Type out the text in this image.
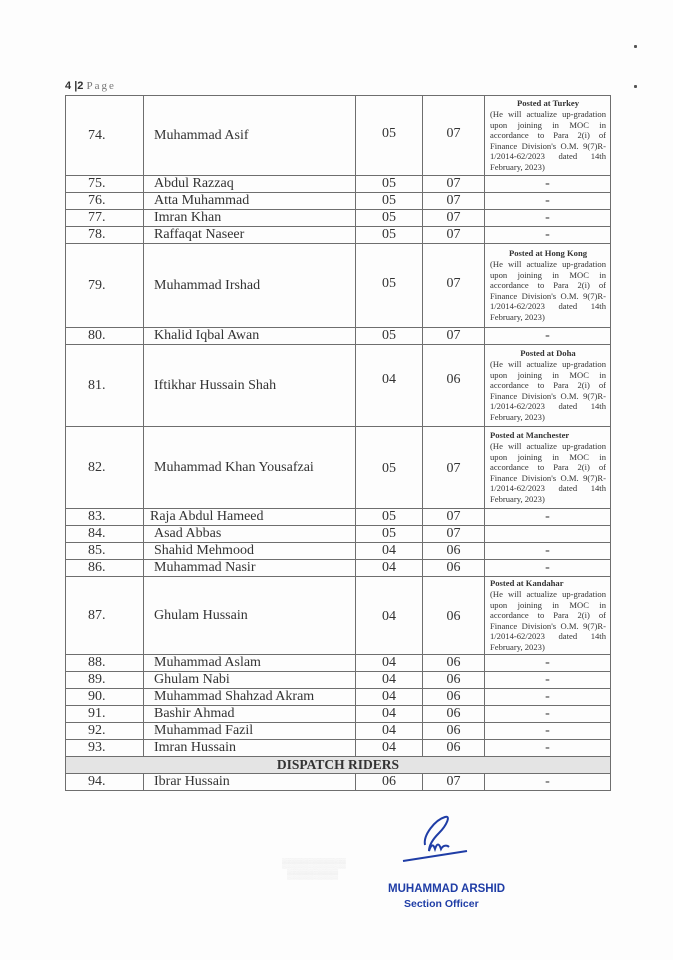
4 |2 Page
74.	Muhammad Asif	05	07	Posted at Turkey
(He will actualize up-gradation upon joining in MOC in accordance to Para 2(i) of Finance Division's O.M. 9(7)R-1/2014-62/2023 dated 14th February, 2023)

75.	Abdul Razzaq	05	07	-
76.	Atta Muhammad	05	07	-
77.	Imran Khan	05	07	-
78.	Raffaqat Naseer	05	07	-
79.	Muhammad Irshad	05	07	Posted at Hong Kong
(He will actualize up-gradation upon joining in MOC in accordance to Para 2(i) of Finance Division's O.M. 9(7)R-1/2014-62/2023 dated 14th February, 2023)

80.	Khalid Iqbal Awan	05	07	-
81.	Iftikhar Hussain Shah	04	06	Posted at Doha
(He will actualize up-gradation upon joining in MOC in accordance to Para 2(i) of Finance Division's O.M. 9(7)R-1/2014-62/2023 dated 14th February, 2023)

82.	Muhammad Khan Yousafzai	05	07	Posted at Manchester
(He will actualize up-gradation upon joining in MOC in accordance to Para 2(i) of Finance Division's O.M. 9(7)R-1/2014-62/2023 dated 14th February, 2023)

83.	Raja Abdul Hameed	05	07	-
84.	Asad Abbas	05	07	
85.	Shahid Mehmood	04	06	-
86.	Muhammad Nasir	04	06	-
87.	Ghulam Hussain	04	06	Posted at Kandahar
(He will actualize up-gradation upon joining in MOC in accordance to Para 2(i) of Finance Division's O.M. 9(7)R-1/2014-62/2023 dated 14th February, 2023)

88.	Muhammad Aslam	04	06	-
89.	Ghulam Nabi	04	06	-
90.	Muhammad Shahzad Akram	04	06	-
91.	Bashir Ahmad	04	06	-
92.	Muhammad Fazil	04	06	-
93.	Imran Hussain	04	06	-
DISPATCH RIDERS				
94.	Ibrar Hussain	06	07	-
▒▒▒▒▒▒▒▒▒▒
▒▒▒▒▒▒▒▒
MUHAMMAD ARSHID
Section Officer
